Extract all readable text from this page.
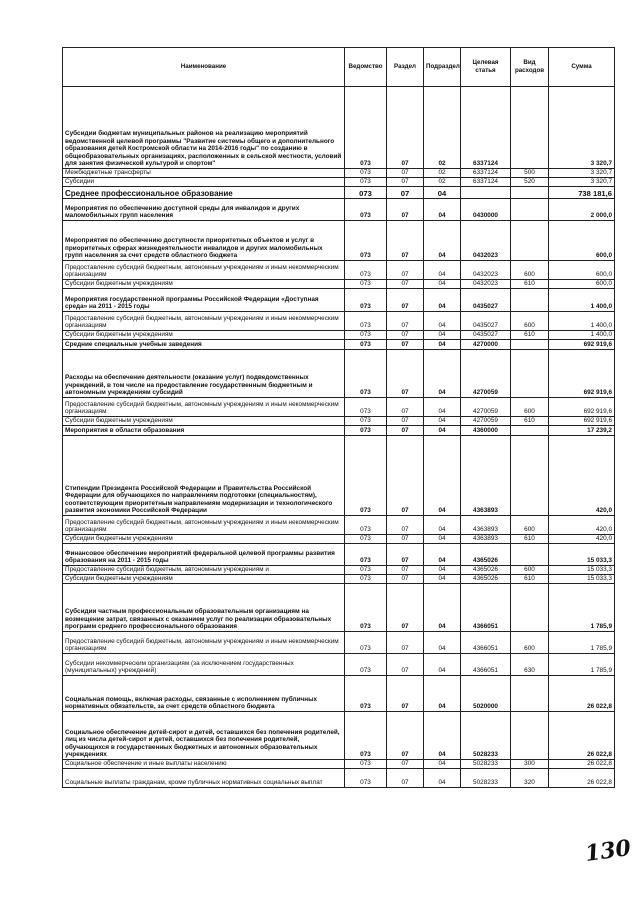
Наименование	Ведомство	Раздел	Подраздел	Целевая статья	Вид расходов	Сумма
Субсидии бюджетам муниципальных районов на реализацию мероприятий ведомственной целевой программы "Развитие системы общего и дополнительного образования детей Костромской области на 2014-2016 годы" по созданию в общеобразовательных организациях, расположенных в сельской местности, условий для занятия физической культурой и спортом"	073	07	02	6337124		3 320,7
Межбюджетные трансферты	073	07	02	6337124	500	3 320,7
Субсидии	073	07	02	6337124	520	3 320,7
Среднее профессиональное образование	073	07	04			738 181,6
Мероприятия по обеспечению доступной среды для инвалидов и других маломобильных групп населения	073	07	04	0430000		2 000,0
Мероприятия по обеспечению доступности приоритетных объектов и услуг в приоритетных сферах жизнедеятельности инвалидов и других маломобильных групп населения за счет средств областного бюджета	073	07	04	0432023		600,0
Предоставление субсидий бюджетным, автономным учреждениям и иным некоммерческим организациям	073	07	04	0432023	600	600,0
Субсидии бюджетным учреждениям	073	07	04	0432023	610	600,0
Мероприятия государственной программы Российской Федерации «Доступная среда» на 2011 - 2015 годы	073	07	04	0435027		1 400,0
Предоставление субсидий бюджетным, автономным учреждениям и иным некоммерческим организациям	073	07	04	0435027	600	1 400,0
Субсидии бюджетным учреждениям	073	07	04	0435027	610	1 400,0
Средние специальные учебные заведения	073	07	04	4270000		692 919,6
Расходы на обеспечение деятельности (оказание услуг) подведомственных учреждений, в том числе на предоставление государственным бюджетным и автономным учреждениям субсидий	073	07	04	4270059		692 919,6
Предоставление субсидий бюджетным, автономным учреждениям и иным некоммерческим организациям	073	07	04	4270059	600	692 919,6
Субсидии бюджетным учреждениям	073	07	04	4270059	610	692 919,6
Мероприятия в области образования	073	07	04	4360000		17 239,2
Стипендии Президента Российской Федерации и Правительства Российской Федерации для обучающихся по направлениям подготовки (специальностям), соответствующим приоритетным направлениям модернизации и технологического развития экономики Российской Федерации	073	07	04	4363893		420,0
Предоставление субсидий бюджетным, автономным учреждениям и иным некоммерческим организациям	073	07	04	4363893	600	420,0
Субсидии бюджетным учреждениям	073	07	04	4363893	610	420,0
Финансовое обеспечение мероприятий федеральной целевой программы развития образования на 2011 - 2015 годы	073	07	04	4365026		15 033,3
Предоставление субсидий бюджетным, автономным учреждениям и	073	07	04	4365026	600	15 033,3
Субсидии бюджетным учреждениям	073	07	04	4365026	610	15 033,3
Субсидии частным профессиональным образовательным организациям на возмещение затрат, связанных с оказанием услуг по реализации образовательных программ среднего профессионального образования	073	07	04	4366051		1 785,9
Предоставление субсидий бюджетным, автономным учреждениям и иным некоммерческим организациям	073	07	04	4366051	600	1 785,9
Субсидии некоммерческим организациям (за исключением государственных (муниципальных) учреждений)	073	07	04	4366051	630	1 785,9
Социальная помощь, включая расходы, связанные с исполнением публичных нормативных обязательств, за счет средств областного бюджета	073	07	04	5020000		26 022,8
Социальное обеспечение детей-сирот и детей, оставшихся без попечения родителей, лиц из числа детей-сирот и детей, оставшихся без попечения родителей, обучающихся в государственных бюджетных и автономных образовательных учреждениях	073	07	04	5028233		26 022,8
Социальное обеспечение и иные выплаты населению	073	07	04	5028233	300	26 022,8
Социальные выплаты гражданам, кроме публичных нормативных социальных выплат	073	07	04	5028233	320	26 022,8
130
